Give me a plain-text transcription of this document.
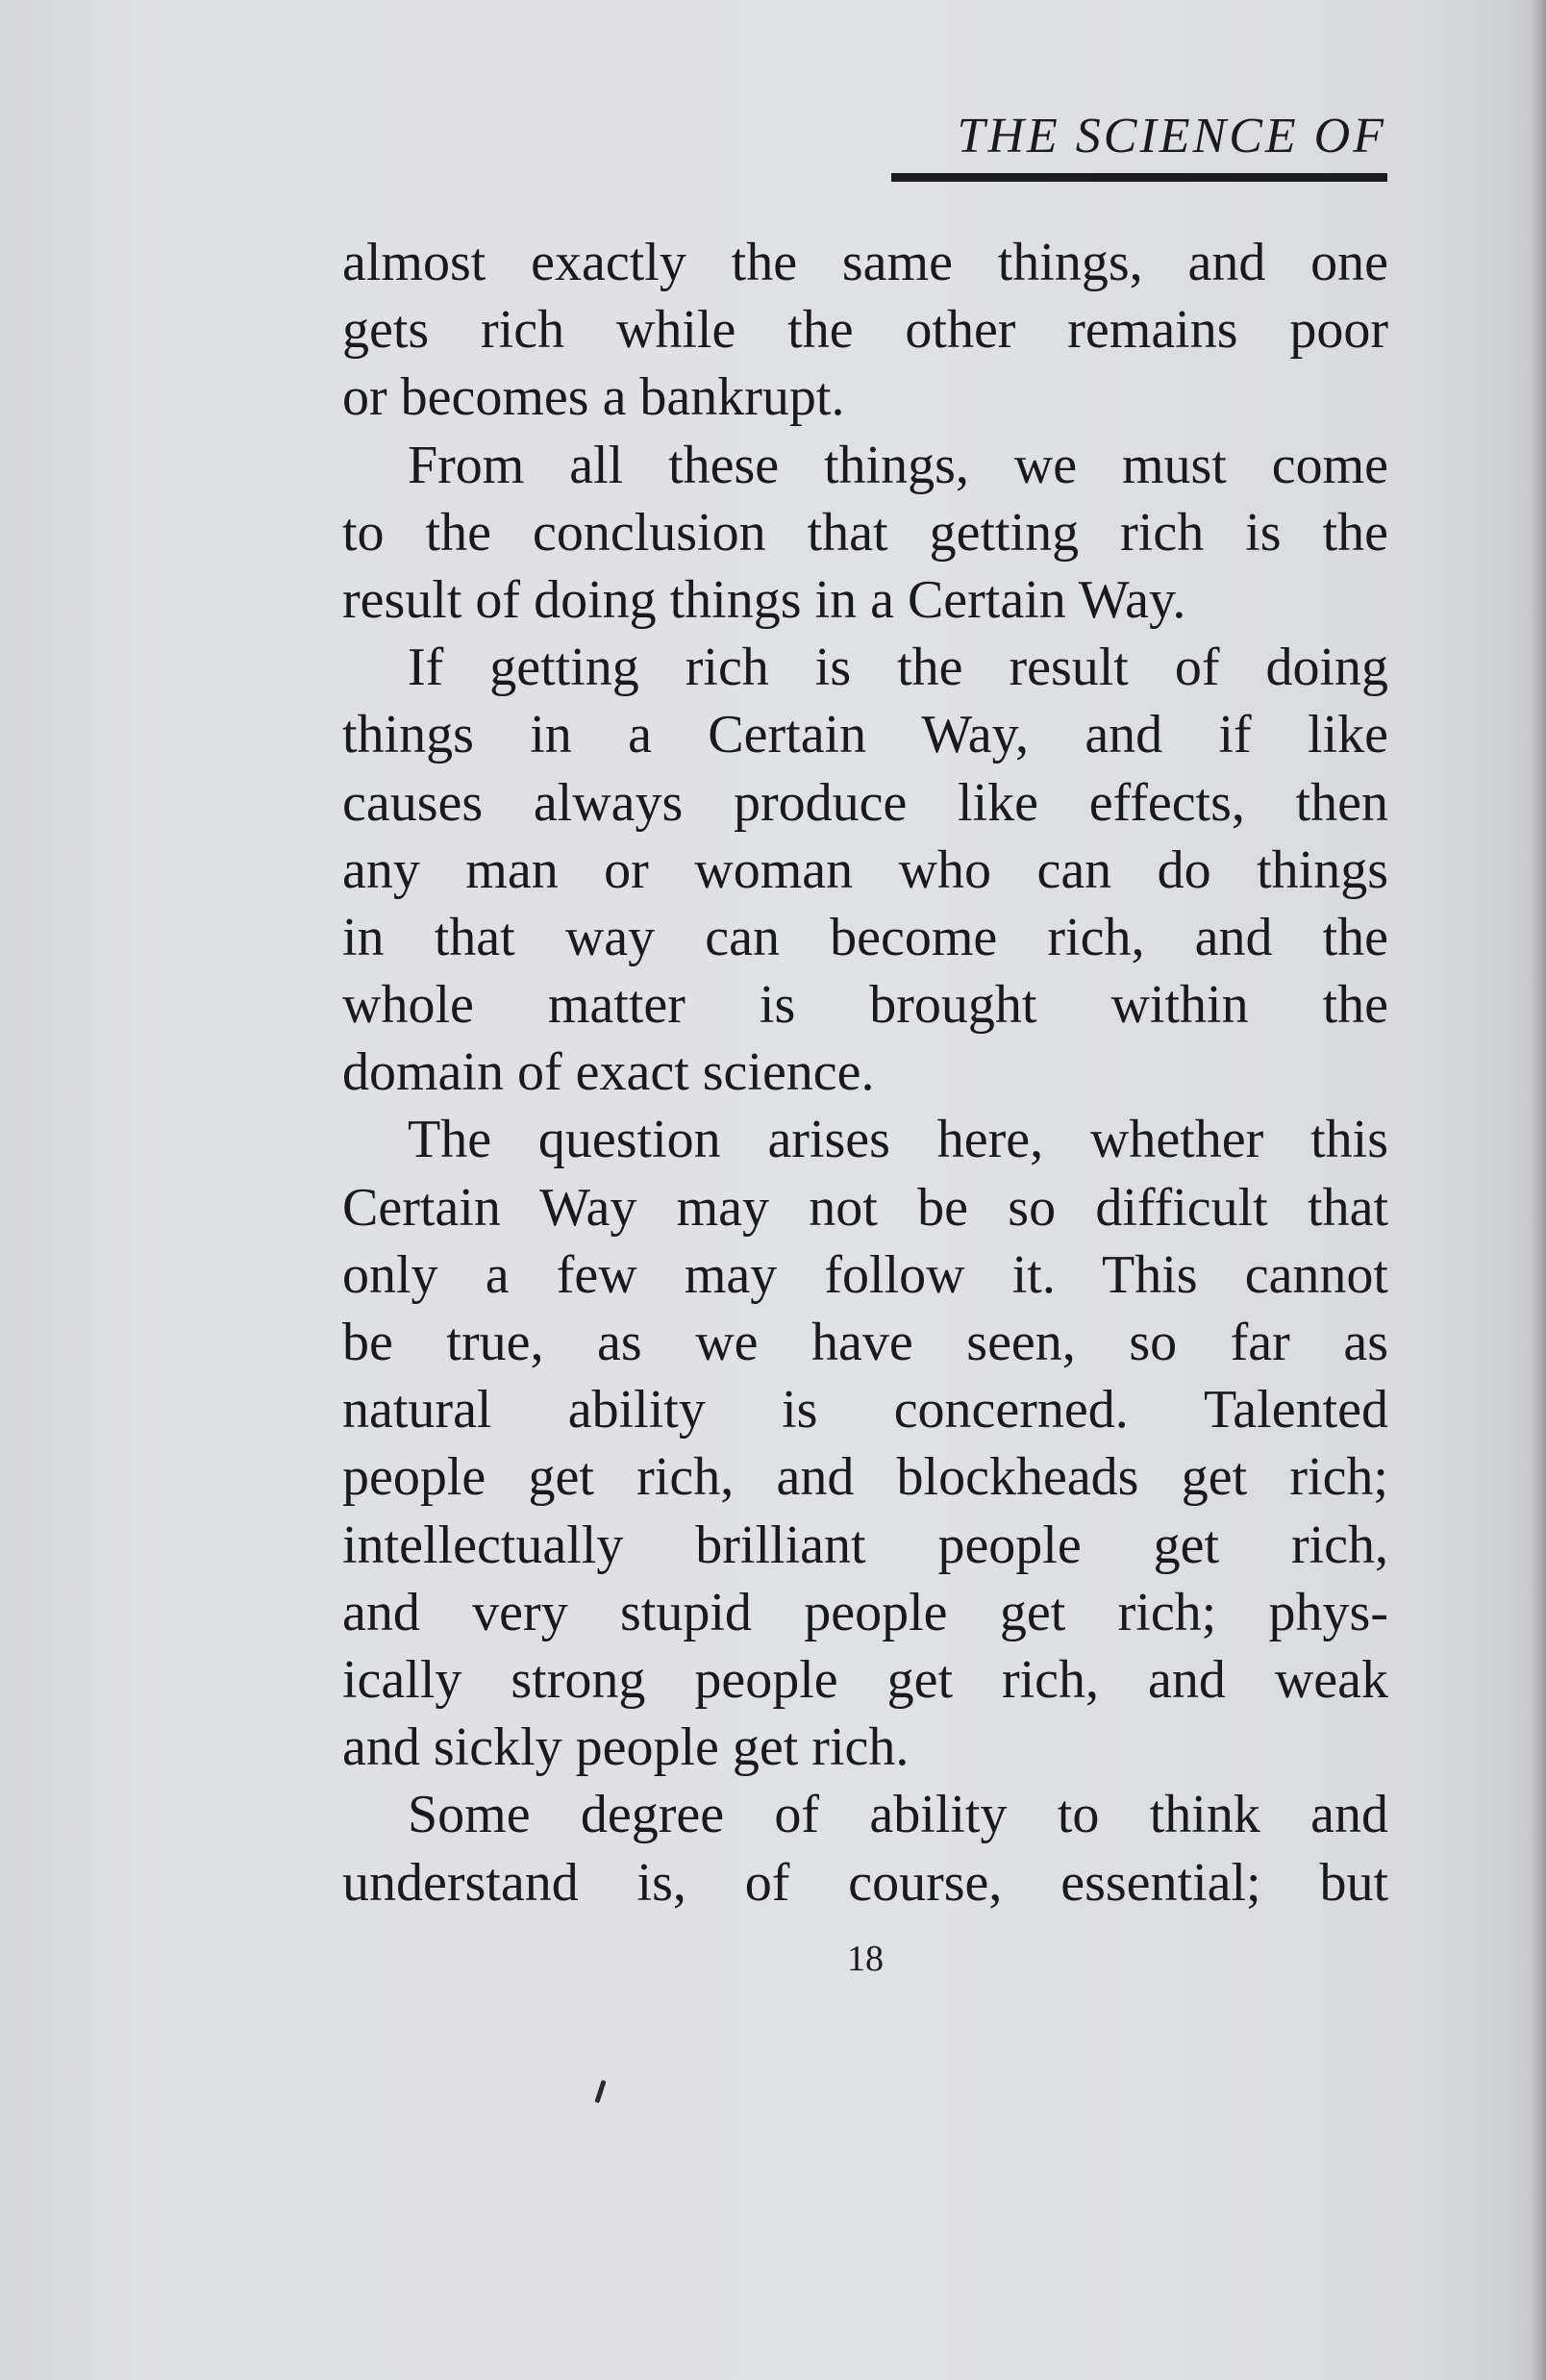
THE SCIENCE OF
almost exactly the same things, and one
gets rich while the other remains poor
or becomes a bankrupt.
From all these things, we must come
to the conclusion that getting rich is the
result of doing things in a Certain Way.
If getting rich is the result of doing
things in a Certain Way, and if like
causes always produce like effects, then
any man or woman who can do things
in that way can become rich, and the
whole matter is brought within the
domain of exact science.
The question arises here, whether this
Certain Way may not be so difficult that
only a few may follow it. This cannot
be true, as we have seen, so far as
natural ability is concerned. Talented
people get rich, and blockheads get rich;
intellectually brilliant people get rich,
and very stupid people get rich; phys-
ically strong people get rich, and weak
and sickly people get rich.
Some degree of ability to think and
understand is, of course, essential; but
18
